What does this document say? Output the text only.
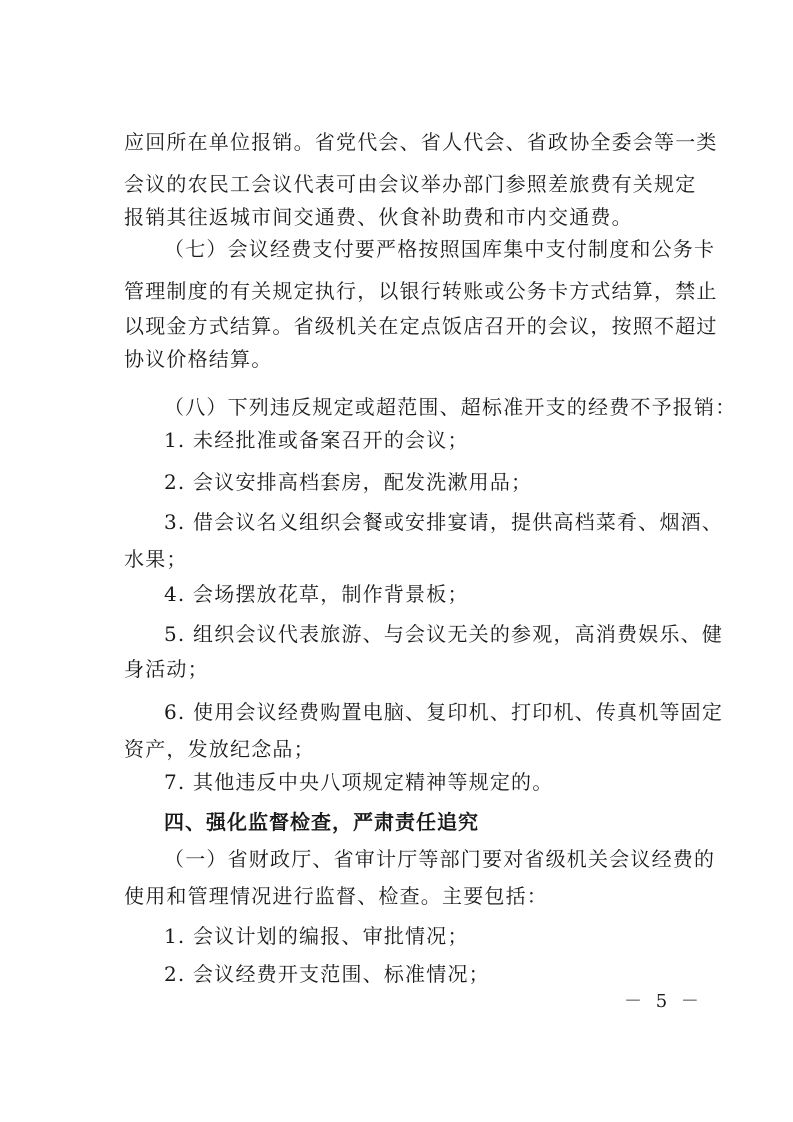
应回所在单位报销。省党代会、省人代会、省政协全委会等一类
会议的农民工会议代表可由会议举办部门参照差旅费有关规定
报销其往返城市间交通费、伙食补助费和市内交通费。
（七）会议经费支付要严格按照国库集中支付制度和公务卡
管理制度的有关规定执行，以银行转账或公务卡方式结算，禁止
以现金方式结算。省级机关在定点饭店召开的会议，按照不超过
协议价格结算。
（八）下列违反规定或超范围、超标准开支的经费不予报销：
1. 未经批准或备案召开的会议；
2. 会议安排高档套房，配发洗漱用品；
3. 借会议名义组织会餐或安排宴请，提供高档菜肴、烟酒、
水果；
4. 会场摆放花草，制作背景板；
5. 组织会议代表旅游、与会议无关的参观，高消费娱乐、健
身活动；
6. 使用会议经费购置电脑、复印机、打印机、传真机等固定
资产，发放纪念品；
7. 其他违反中央八项规定精神等规定的。
四、强化监督检查，严肃责任追究
（一）省财政厅、省审计厅等部门要对省级机关会议经费的
使用和管理情况进行监督、检查。主要包括：
1. 会议计划的编报、审批情况；
2. 会议经费开支范围、标准情况；
－ 5 －
